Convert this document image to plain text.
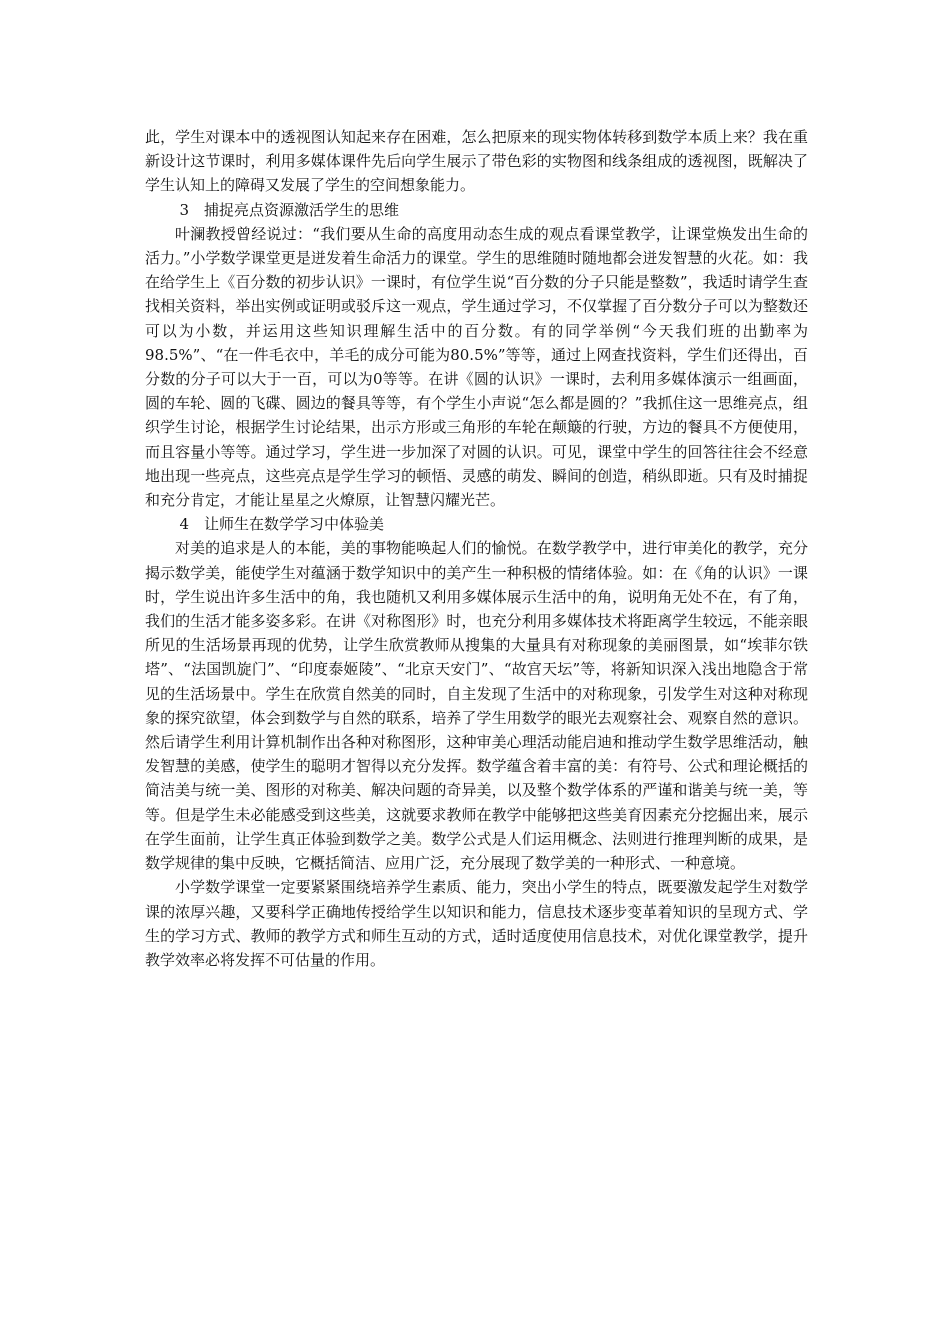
此，学生对课本中的透视图认知起来存在困难，怎么把原来的现实物体转移到数学本质上来？我在重新设计这节课时，利用多媒体课件先后向学生展示了带色彩的实物图和线条组成的透视图，既解决了学生认知上的障碍又发展了学生的空间想象能力。

3　捕捉亮点资源激活学生的思维

叶澜教授曾经说过：“我们要从生命的高度用动态生成的观点看课堂教学，让课堂焕发出生命的活力。”小学数学课堂更是迸发着生命活力的课堂。学生的思维随时随地都会迸发智慧的火花。如：我在给学生上《百分数的初步认识》一课时，有位学生说“百分数的分子只能是整数”，我适时请学生查找相关资料，举出实例或证明或驳斥这一观点，学生通过学习，不仅掌握了百分数分子可以为整数还可以为小数，并运用这些知识理解生活中的百分数。有的同学举例“今天我们班的出勤率为98.5%”、“在一件毛衣中，羊毛的成分可能为80.5%”等等，通过上网查找资料，学生们还得出，百分数的分子可以大于一百，可以为0等等。在讲《圆的认识》一课时，去利用多媒体演示一组画面，圆的车轮、圆的飞碟、圆边的餐具等等，有个学生小声说“怎么都是圆的？”我抓住这一思维亮点，组织学生讨论，根据学生讨论结果，出示方形或三角形的车轮在颠簸的行驶，方边的餐具不方便使用，而且容量小等等。通过学习，学生进一步加深了对圆的认识。可见，课堂中学生的回答往往会不经意地出现一些亮点，这些亮点是学生学习的顿悟、灵感的萌发、瞬间的创造，稍纵即逝。只有及时捕捉和充分肯定，才能让星星之火燎原，让智慧闪耀光芒。

4　让师生在数学学习中体验美

对美的追求是人的本能，美的事物能唤起人们的愉悦。在数学教学中，进行审美化的教学，充分揭示数学美，能使学生对蕴涵于数学知识中的美产生一种积极的情绪体验。如：在《角的认识》一课时，学生说出许多生活中的角，我也随机又利用多媒体展示生活中的角，说明角无处不在，有了角，我们的生活才能多姿多彩。在讲《对称图形》时，也充分利用多媒体技术将距离学生较远，不能亲眼所见的生活场景再现的优势，让学生欣赏教师从搜集的大量具有对称现象的美丽图景，如“埃菲尔铁塔”、“法国凯旋门”、“印度泰姬陵”、“北京天安门”、“故宫天坛”等，将新知识深入浅出地隐含于常见的生活场景中。学生在欣赏自然美的同时，自主发现了生活中的对称现象，引发学生对这种对称现象的探究欲望，体会到数学与自然的联系，培养了学生用数学的眼光去观察社会、观察自然的意识。然后请学生利用计算机制作出各种对称图形，这种审美心理活动能启迪和推动学生数学思维活动，触发智慧的美感，使学生的聪明才智得以充分发挥。数学蕴含着丰富的美：有符号、公式和理论概括的简洁美与统一美、图形的对称美、解决问题的奇异美，以及整个数学体系的严谨和谐美与统一美，等等。但是学生未必能感受到这些美，这就要求教师在教学中能够把这些美育因素充分挖掘出来，展示在学生面前，让学生真正体验到数学之美。数学公式是人们运用概念、法则进行推理判断的成果，是数学规律的集中反映，它概括简洁、应用广泛，充分展现了数学美的一种形式、一种意境。

小学数学课堂一定要紧紧围绕培养学生素质、能力，突出小学生的特点，既要激发起学生对数学课的浓厚兴趣，又要科学正确地传授给学生以知识和能力，信息技术逐步变革着知识的呈现方式、学生的学习方式、教师的教学方式和师生互动的方式，适时适度使用信息技术，对优化课堂教学，提升教学效率必将发挥不可估量的作用。
